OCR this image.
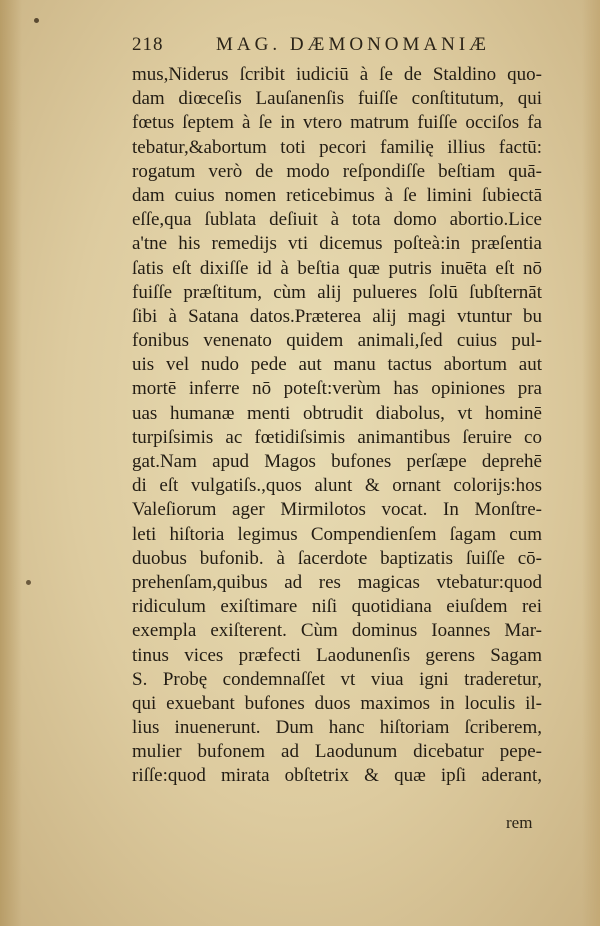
218	MAG. DÆMONOMANIÆ
mus,Niderus ſcribit iudiciū à ſe de Staldino quo-
dam diœceſis Lauſanenſis fuiſſe conſtitutum, qui
fœtus ſeptem à ſe in vtero matrum fuiſſe occiſos fa
tebatur,&abortum toti pecori familię illius factū:
rogatum verò de modo reſpondiſſe beſtiam quā-
dam cuius nomen reticebimus à ſe limini ſubiectā
eſſe,qua ſublata deſiuit à tota domo abortio.Lice
a'tne his remedijs vti dicemus poſteà:in præſentia
ſatis eſt dixiſſe id à beſtia quæ putris inuēta eſt nō
fuiſſe præſtitum, cùm alij pulueres ſolū ſubſternāt
ſibi à Satana datos.Præterea alij magi vtuntur bu
fonibus venenato quidem animali,ſed cuius pul-
uis vel nudo pede aut manu tactus abortum aut
mortē inferre nō poteſt:verùm has opiniones pra
uas humanæ menti obtrudit diabolus, vt hominē
turpiſsimis ac fœtidiſsimis animantibus ſeruire co
gat.Nam apud Magos bufones perſæpe deprehē
di eſt vulgatiſs.,quos alunt & ornant colorijs:hos
Valeſiorum ager Mirmilotos vocat. In Monſtre-
leti hiſtoria legimus Compendienſem ſagam cum
duobus bufonib. à ſacerdote baptizatis ſuiſſe cō-
prehenſam,quibus ad res magicas vtebatur:quod
ridiculum exiſtimare niſi quotidiana eiuſdem rei
exempla exiſterent. Cùm dominus Ioannes Mar-
tinus vices præfecti Laodunenſis gerens Sagam
S. Probę condemnaſſet vt viua igni traderetur,
qui exuebant bufones duos maximos in loculis il-
lius inuenerunt. Dum hanc hiſtoriam ſcriberem,
mulier bufonem ad Laodunum dicebatur pepe-
riſſe:quod mirata obſtetrix & quæ ipſi aderant,
rem
